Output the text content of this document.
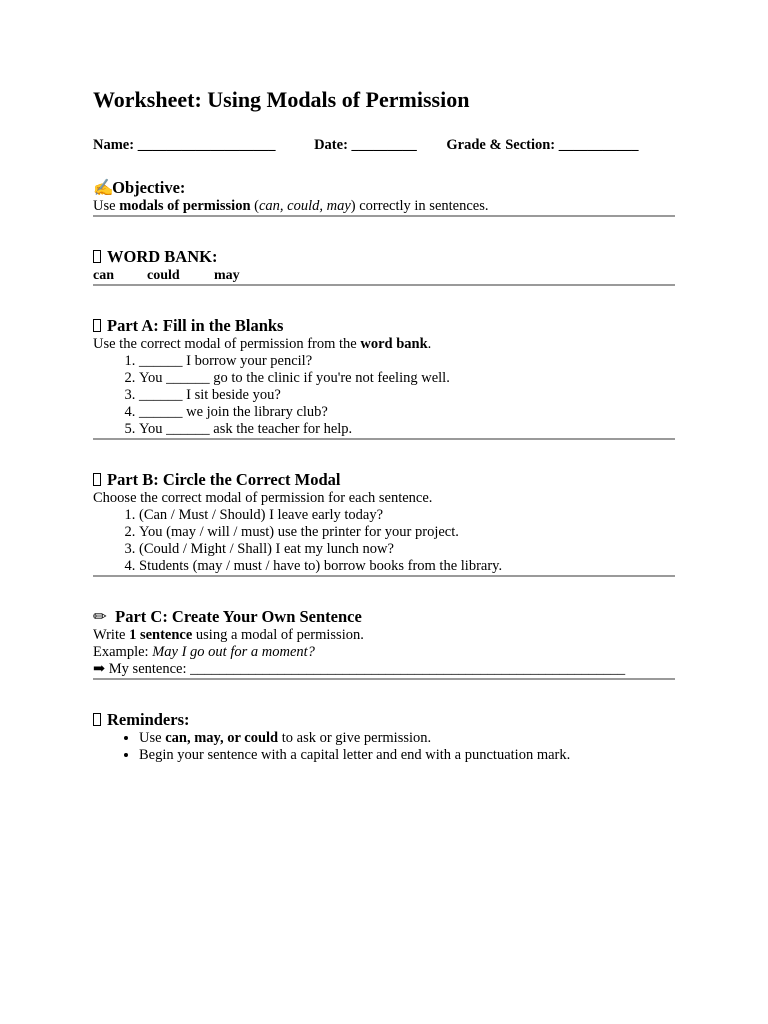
Worksheet: Using Modals of Permission
Name: ___________________	Date: _________ Grade & Section: ___________
✍ Objective:
Use modals of permission (can, could, may) correctly in sentences.
WORD BANK:
can could may
Part A: Fill in the Blanks
Use the correct modal of permission from the word bank.
1. ______ I borrow your pencil?
2. You ______ go to the clinic if you're not feeling well.
3. ______ I sit beside you?
4. ______ we join the library club?
5. You ______ ask the teacher for help.
Part B: Circle the Correct Modal
Choose the correct modal of permission for each sentence.
1. (Can / Must / Should) I leave early today?
2. You (may / will / must) use the printer for your project.
3. (Could / Might / Shall) I eat my lunch now?
4. Students (may / must / have to) borrow books from the library.
✏ Part C: Create Your Own Sentence
Write 1 sentence using a modal of permission.
Example: May I go out for a moment?
➡ My sentence: ____________________________________________________________
Reminders:
• Use can, may, or could to ask or give permission.
• Begin your sentence with a capital letter and end with a punctuation mark.
